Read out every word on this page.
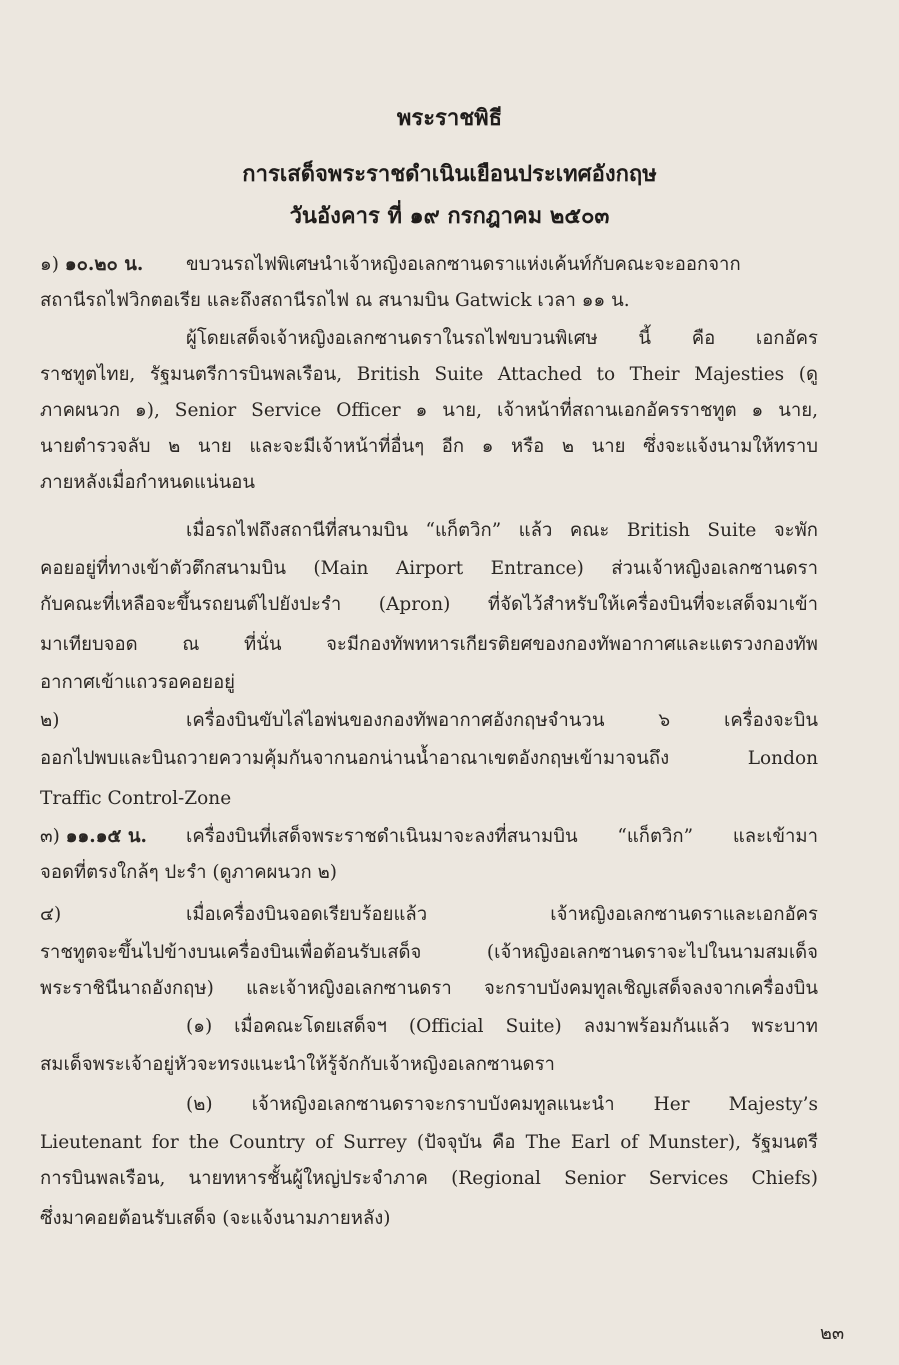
พระราชพิธี
การเสด็จพระราชดำเนินเยือนประเทศอังกฤษ
วันอังคาร ที่ ๑๙ กรกฎาคม ๒๕๐๓
๑) ๑๐.๒๐ น.	ขบวนรถไฟพิเศษนำเจ้าหญิงอเลกซานดราแห่งเค้นท์กับคณะจะออกจาก
สถานีรถไฟวิกตอเรีย และถึงสถานีรถไฟ ณ สนามบิน Gatwick เวลา ๑๑ น.
ผู้โดยเสด็จเจ้าหญิงอเลกซานดราในรถไฟขบวนพิเศษ นี้ คือ เอกอัคร
ราชทูตไทย, รัฐมนตรีการบินพลเรือน, British Suite Attached to Their Majesties (ดู
ภาคผนวก ๑), Senior Service Officer ๑ นาย, เจ้าหน้าที่สถานเอกอัครราชทูต ๑ นาย,
นายตำรวจลับ ๒ นาย และจะมีเจ้าหน้าที่อื่นๆ อีก ๑ หรือ ๒ นาย ซึ่งจะแจ้งนามให้ทราบ
ภายหลังเมื่อกำหนดแน่นอน
เมื่อรถไฟถึงสถานีที่สนามบิน “แก็ตวิก” แล้ว คณะ British Suite จะพัก
คอยอยู่ที่ทางเข้าตัวตึกสนามบิน (Main Airport Entrance) ส่วนเจ้าหญิงอเลกซานดรา
กับคณะที่เหลือจะขึ้นรถยนต์ไปยังปะรำ (Apron) ที่จัดไว้สำหรับให้เครื่องบินที่จะเสด็จมาเข้า
มาเทียบจอด ณ ที่นั่น จะมีกองทัพทหารเกียรติยศของกองทัพอากาศและแตรวงกองทัพ
อากาศเข้าแถวรอคอยอยู่
๒)	เครื่องบินขับไล่ไอพ่นของกองทัพอากาศอังกฤษจำนวน ๖ เครื่องจะบิน
ออกไปพบและบินถวายความคุ้มกันจากนอกน่านน้ำอาณาเขตอังกฤษเข้ามาจนถึง London
Traffic Control-Zone
๓) ๑๑.๑๕ น.	เครื่องบินที่เสด็จพระราชดำเนินมาจะลงที่สนามบิน “แก็ตวิก” และเข้ามา
จอดที่ตรงใกล้ๆ ปะรำ (ดูภาคผนวก ๒)
๔)	เมื่อเครื่องบินจอดเรียบร้อยแล้ว เจ้าหญิงอเลกซานดราและเอกอัคร
ราชทูตจะขึ้นไปข้างบนเครื่องบินเพื่อต้อนรับเสด็จ (เจ้าหญิงอเลกซานดราจะไปในนามสมเด็จ
พระราชินีนาถอังกฤษ) และเจ้าหญิงอเลกซานดรา จะกราบบังคมทูลเชิญเสด็จลงจากเครื่องบิน
(๑) เมื่อคณะโดยเสด็จฯ (Official Suite) ลงมาพร้อมกันแล้ว พระบาท
สมเด็จพระเจ้าอยู่หัวจะทรงแนะนำให้รู้จักกับเจ้าหญิงอเลกซานดรา
(๒) เจ้าหญิงอเลกซานดราจะกราบบังคมทูลแนะนำ Her Majesty’s
Lieutenant for the Country of Surrey (ปัจจุบัน คือ The Earl of Munster), รัฐมนตรี
การบินพลเรือน, นายทหารชั้นผู้ใหญ่ประจำภาค (Regional Senior Services Chiefs)
ซึ่งมาคอยต้อนรับเสด็จ (จะแจ้งนามภายหลัง)
๒๓
